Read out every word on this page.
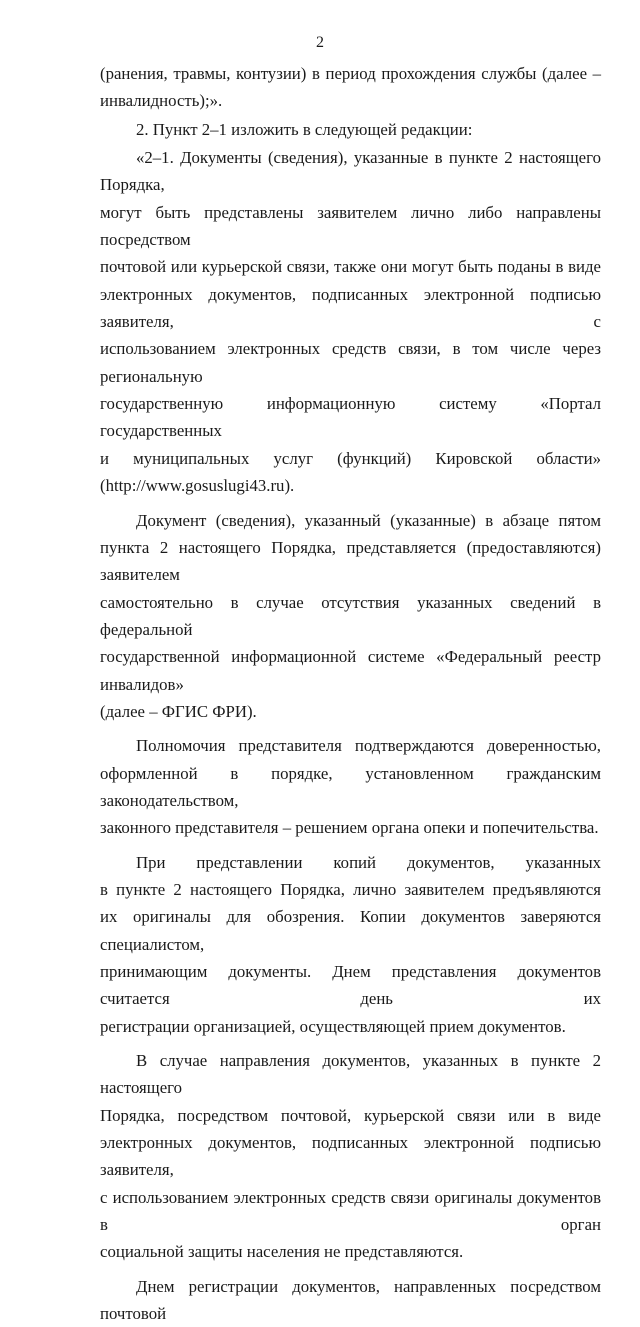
2
(ранения, травмы, контузии) в период прохождения службы (далее –
инвалидность);».
2. Пункт 2–1 изложить в следующей редакции:
«2–1. Документы (сведения), указанные в пункте 2 настоящего Порядка,
могут быть представлены заявителем лично либо направлены посредством
почтовой или курьерской связи, также они могут быть поданы в виде
электронных документов, подписанных электронной подписью заявителя, с
использованием электронных средств связи, в том числе через региональную
государственную информационную систему «Портал государственных
и муниципальных услуг (функций) Кировской области»
(http://www.gosuslugi43.ru).
Документ (сведения), указанный (указанные) в абзаце пятом
пункта 2 настоящего Порядка, представляется (предоставляются) заявителем
самостоятельно в случае отсутствия указанных сведений в федеральной
государственной информационной системе «Федеральный реестр инвалидов»
(далее – ФГИС ФРИ).
Полномочия представителя подтверждаются доверенностью,
оформленной в порядке, установленном гражданским законодательством,
законного представителя – решением органа опеки и попечительства.
При представлении копий документов, указанных
в пункте 2 настоящего Порядка, лично заявителем предъявляются
их оригиналы для обозрения. Копии документов заверяются специалистом,
принимающим документы. Днем представления документов считается день их
регистрации организацией, осуществляющей прием документов.
В случае направления документов, указанных в пункте 2 настоящего
Порядка, посредством почтовой, курьерской связи или в виде
электронных документов, подписанных электронной подписью заявителя,
с использованием электронных средств связи оригиналы документов в орган
социальной защиты населения не представляются.
Днем регистрации документов, направленных посредством почтовой
